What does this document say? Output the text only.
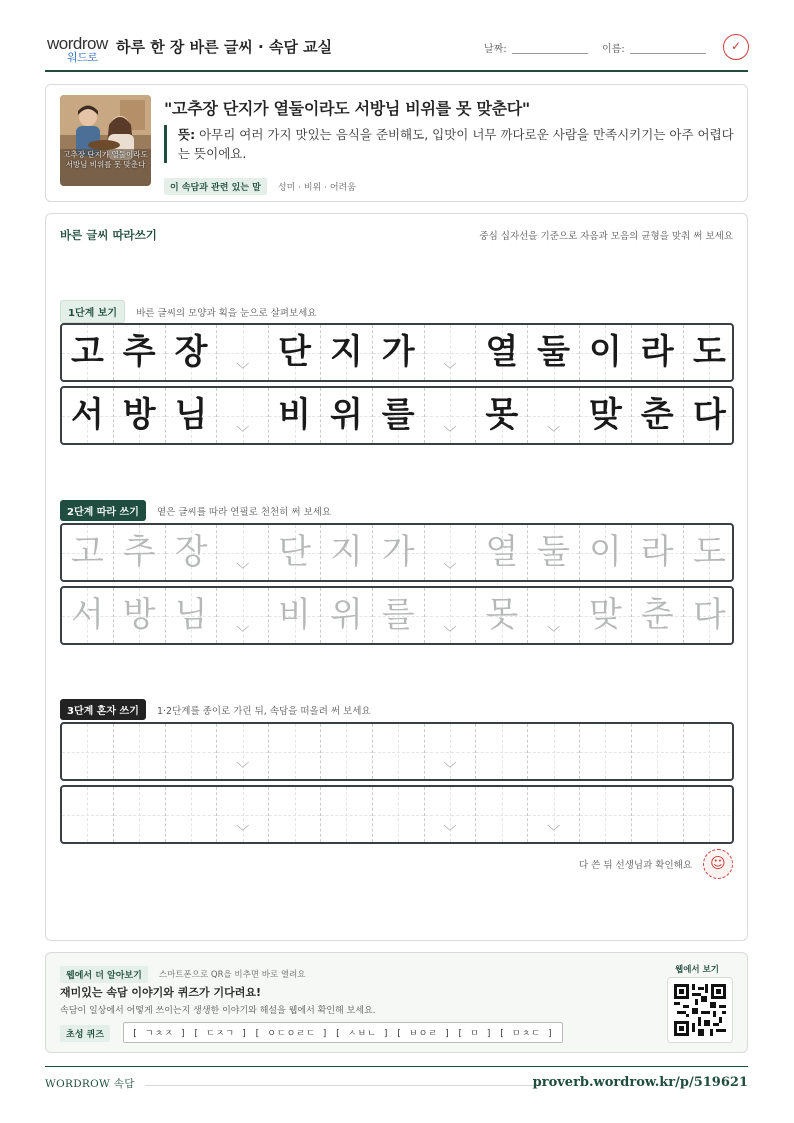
wordrow
워드로
하루 한 장 바른 글씨 · 속담 교실	날짜:	이름:	✓
고추장 단지가 열둘이라도
서방님 비위를 못 맞춘다
"고추장 단지가 열둘이라도 서방님 비위를 못 맞춘다"
뜻: 아무리 여러 가지 맛있는 음식을 준비해도, 입맛이 너무 까다로운 사람을 만족시키기는 아주 어렵다는 뜻이에요.
이 속담과 관련 있는 말 성미 · 비위 · 어려움
바른 글씨 따라쓰기	중심 십자선을 기준으로 자음과 모음의 균형을 맞춰 써 보세요
1단계 보기 바른 글씨의 모양과 획을 눈으로 살펴보세요
고 추 장	﹀ 단 지 가	﹀ 열 둘 이 라 도
서 방 님	﹀ 비 위 를	﹀ 못	﹀ 맞 춘 다
2단계 따라 쓰기 옅은 글씨를 따라 연필로 천천히 써 보세요
고 추 장	﹀ 단 지 가	﹀ 열 둘 이 라 도
서 방 님	﹀ 비 위 를	﹀ 못	﹀ 맞 춘 다
3단계 혼자 쓰기 1·2단계를 종이로 가린 뒤, 속담을 떠올려 써 보세요
﹀	﹀
﹀	﹀	﹀
다 쓴 뒤 선생님과 확인해요	☺
웹에서 더 알아보기 스마트폰으로 QR을 비추면 바로 열려요
재미있는 속담 이야기와 퀴즈가 기다려요!
속담이 일상에서 어떻게 쓰이는지 생생한 이야기와 해설을 웹에서 확인해 보세요.
초성 퀴즈	[ ㄱㅊㅈ ] [ ㄷㅈㄱ ] [ ㅇㄷㅇㄹㄷ ] [ ㅅㅂㄴ ] [ ㅂㅇㄹ ] [ ㅁ ] [ ㅁㅊㄷ ]
웹에서 보기
WORDROW 속담	proverb.wordrow.kr/p/519621
